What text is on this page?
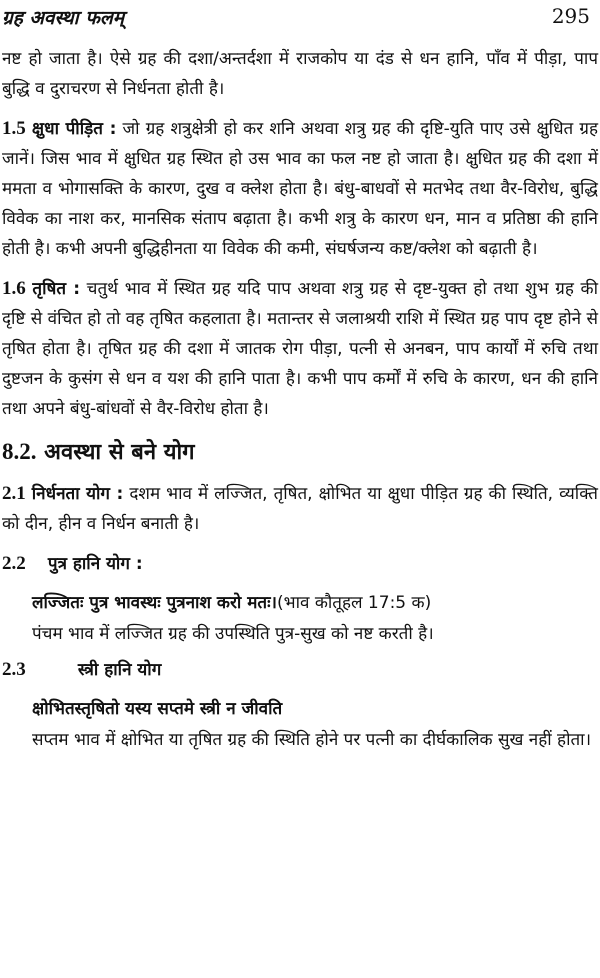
ग्रह अवस्था फलम्	295

नष्ट हो जाता है। ऐसे ग्रह की दशा/अन्तर्दशा में राजकोप या दंड से धन हानि, पाँव में पीड़ा, पाप बुद्धि व दुराचरण से निर्धनता होती है।

1.5 क्षुधा पीड़ित : जो ग्रह शत्रुक्षेत्री हो कर शनि अथवा शत्रु ग्रह की दृष्टि-युति पाए उसे क्षुधित ग्रह जानें। जिस भाव में क्षुधित ग्रह स्थित हो उस भाव का फल नष्ट हो जाता है। क्षुधित ग्रह की दशा में ममता व भोगासक्ति के कारण, दुख व क्लेश होता है। बंधु-बाधवों से मतभेद तथा वैर-विरोध, बुद्धि विवेक का नाश कर, मानसिक संताप बढ़ाता है। कभी शत्रु के कारण धन, मान व प्रतिष्ठा की हानि होती है। कभी अपनी बुद्धिहीनता या विवेक की कमी, संघर्षजन्य कष्ट/क्लेश को बढ़ाती है।

1.6 तृषित : चतुर्थ भाव में स्थित ग्रह यदि पाप अथवा शत्रु ग्रह से दृष्ट-युक्त हो तथा शुभ ग्रह की दृष्टि से वंचित हो तो वह तृषित कहलाता है। मतान्तर से जलाश्रयी राशि में स्थित ग्रह पाप दृष्ट होने से तृषित होता है। तृषित ग्रह की दशा में जातक रोग पीड़ा, पत्नी से अनबन, पाप कार्यों में रुचि तथा दुष्टजन के कुसंग से धन व यश की हानि पाता है। कभी पाप कर्मों में रुचि के कारण, धन की हानि तथा अपने बंधु-बांधवों से वैर-विरोध होता है।

8.2. अवस्था से बने योग

2.1 निर्धनता योग : दशम भाव में लज्जित, तृषित, क्षोभित या क्षुधा पीड़ित ग्रह की स्थिति, व्यक्ति को दीन, हीन व निर्धन बनाती है।

2.2 पुत्र हानि योग :
लज्जितः पुत्र भावस्थः पुत्रनाश करो मतः।(भाव कौतूहल 17:5 क)

पंचम भाव में लज्जित ग्रह की उपस्थिति पुत्र-सुख को नष्ट करती है।

2.3	स्त्री हानि योग
क्षोभितस्तृषितो यस्य सप्तमे स्त्री न जीवति

सप्तम भाव में क्षोभित या तृषित ग्रह की स्थिति होने पर पत्नी का दीर्घकालिक सुख नहीं होता।
